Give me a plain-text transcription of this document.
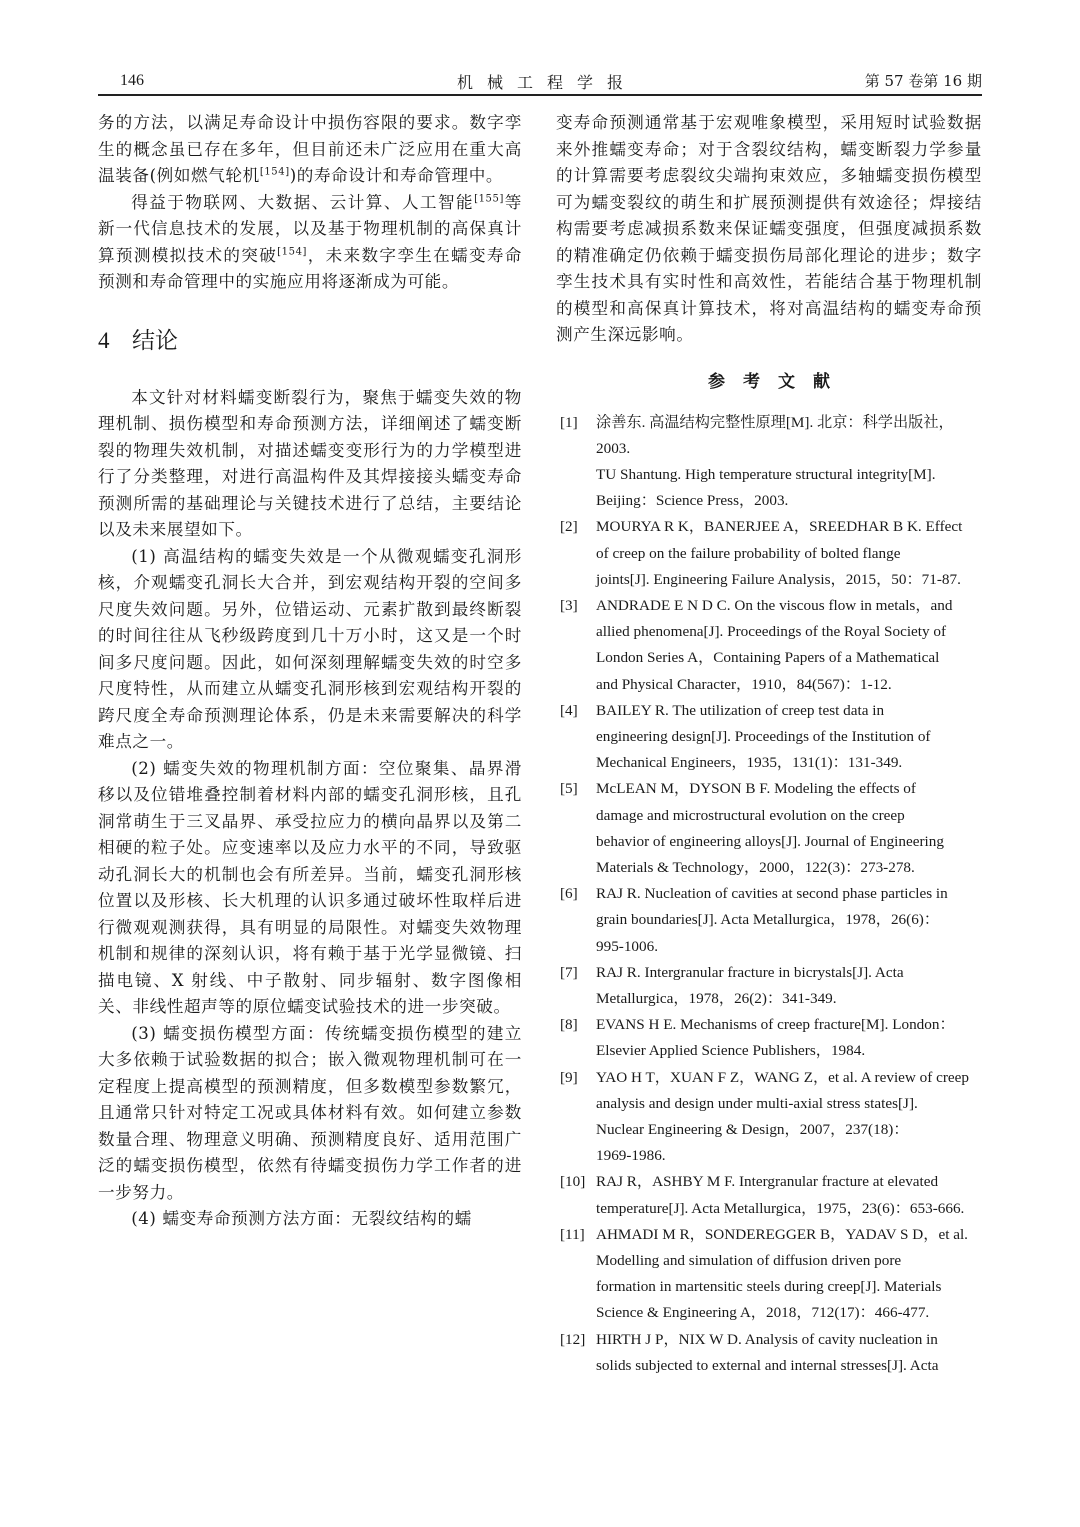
146	机械工程学报	第 57 卷第 16 期

务的方法，以满足寿命设计中损伤容限的要求。数字孪生的概念虽已存在多年，但目前还未广泛应用在重大高温装备(例如燃气轮机[154])的寿命设计和寿命管理中。

得益于物联网、大数据、云计算、人工智能[155]等新一代信息技术的发展，以及基于物理机制的高保真计算预测模拟技术的突破[154]，未来数字孪生在蠕变寿命预测和寿命管理中的实施应用将逐渐成为可能。

4 结论

本文针对材料蠕变断裂行为，聚焦于蠕变失效的物理机制、损伤模型和寿命预测方法，详细阐述了蠕变断裂的物理失效机制，对描述蠕变变形行为的力学模型进行了分类整理，对进行高温构件及其焊接接头蠕变寿命预测所需的基础理论与关键技术进行了总结，主要结论以及未来展望如下。

(1) 高温结构的蠕变失效是一个从微观蠕变孔洞形核，介观蠕变孔洞长大合并，到宏观结构开裂的空间多尺度失效问题。另外，位错运动、元素扩散到最终断裂的时间往往从飞秒级跨度到几十万小时，这又是一个时间多尺度问题。因此，如何深刻理解蠕变失效的时空多尺度特性，从而建立从蠕变孔洞形核到宏观结构开裂的跨尺度全寿命预测理论体系，仍是未来需要解决的科学难点之一。

(2) 蠕变失效的物理机制方面：空位聚集、晶界滑移以及位错堆叠控制着材料内部的蠕变孔洞形核，且孔洞常萌生于三叉晶界、承受拉应力的横向晶界以及第二相硬的粒子处。应变速率以及应力水平的不同，导致驱动孔洞长大的机制也会有所差异。当前，蠕变孔洞形核位置以及形核、长大机理的认识多通过破坏性取样后进行微观观测获得，具有明显的局限性。对蠕变失效物理机制和规律的深刻认识，将有赖于基于光学显微镜、扫描电镜、X 射线、中子散射、同步辐射、数字图像相关、非线性超声等的原位蠕变试验技术的进一步突破。

(3) 蠕变损伤模型方面：传统蠕变损伤模型的建立大多依赖于试验数据的拟合；嵌入微观物理机制可在一定程度上提高模型的预测精度，但多数模型参数繁冗，且通常只针对特定工况或具体材料有效。如何建立参数数量合理、物理意义明确、预测精度良好、适用范围广泛的蠕变损伤模型，依然有待蠕变损伤力学工作者的进一步努力。

(4) 蠕变寿命预测方法方面：无裂纹结构的蠕

变寿命预测通常基于宏观唯象模型，采用短时试验数据来外推蠕变寿命；对于含裂纹结构，蠕变断裂力学参量的计算需要考虑裂纹尖端拘束效应，多轴蠕变损伤模型可为蠕变裂纹的萌生和扩展预测提供有效途径；焊接结构需要考虑减损系数来保证蠕变强度，但强度减损系数的精准确定仍依赖于蠕变损伤局部化理论的进步；数字孪生技术具有实时性和高效性，若能结合基于物理机制的模型和高保真计算技术，将对高温结构的蠕变寿命预测产生深远影响。

参考文献

[1] 涂善东. 高温结构完整性原理[M]. 北京：科学出版社，
2003.
TU Shantung. High temperature structural integrity[M].
Beijing：Science Press，2003.

[2] MOURYA R K，BANERJEE A，SREEDHAR B K. Effect
of creep on the failure probability of bolted flange
joints[J]. Engineering Failure Analysis，2015，50：71-87.

[3] ANDRADE E N D C. On the viscous flow in metals，and
allied phenomena[J]. Proceedings of the Royal Society of
London Series A，Containing Papers of a Mathematical
and Physical Character，1910，84(567)：1-12.

[4] BAILEY R. The utilization of creep test data in
engineering design[J]. Proceedings of the Institution of
Mechanical Engineers，1935，131(1)：131-349.

[5] McLEAN M，DYSON B F. Modeling the effects of
damage and microstructural evolution on the creep
behavior of engineering alloys[J]. Journal of Engineering
Materials & Technology，2000，122(3)：273-278.

[6] RAJ R. Nucleation of cavities at second phase particles in
grain boundaries[J]. Acta Metallurgica，1978，26(6)：
995-1006.

[7] RAJ R. Intergranular fracture in bicrystals[J]. Acta
Metallurgica，1978，26(2)：341-349.

[8] EVANS H E. Mechanisms of creep fracture[M]. London：
Elsevier Applied Science Publishers，1984.

[9] YAO H T，XUAN F Z，WANG Z，et al. A review of creep
analysis and design under multi-axial stress states[J].
Nuclear Engineering & Design，2007，237(18)：
1969-1986.

[10] RAJ R，ASHBY M F. Intergranular fracture at elevated
temperature[J]. Acta Metallurgica，1975，23(6)：653-666.

[11] AHMADI M R，SONDEREGGER B，YADAV S D，et al.
Modelling and simulation of diffusion driven pore
formation in martensitic steels during creep[J]. Materials
Science & Engineering A，2018，712(17)：466-477.

[12] HIRTH J P，NIX W D. Analysis of cavity nucleation in
solids subjected to external and internal stresses[J]. Acta
